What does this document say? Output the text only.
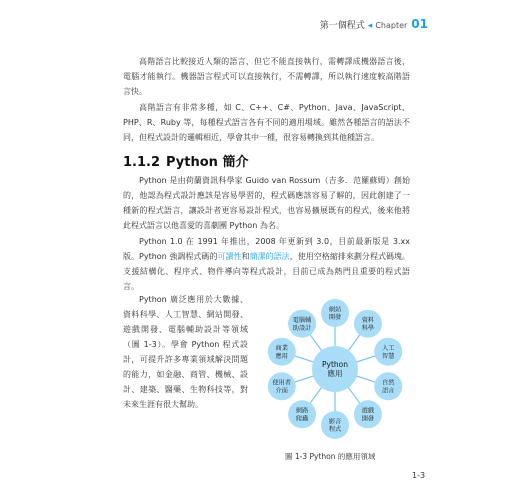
第一個程式 ◂ Chapter 01

高階語言比較接近人類的語言，但它不能直接執行，需轉譯成機器語言後，電腦才能執行。機器語言程式可以直接執行，不需轉譯，所以執行速度較高階語言快。

高階語言有非常多種，如 C、C++、C#、Python、Java、JavaScript、PHP、R、Ruby 等，每種程式語言各有不同的適用場域。雖然各種語言的語法不同，但程式設計的邏輯相近，學會其中一種，很容易轉換到其他種語言。

1.1.2 Python 簡介

Python 是由荷蘭資訊科學家 Guido van Rossum（吉多．范羅蘇姆）創始的，他認為程式設計應該是容易學習的，程式碼應該容易了解的，因此創建了一種新的程式語言，讓設計者更容易設計程式，也容易擴展既有的程式，後來他將此程式語言以他喜愛的喜劇團 Python 為名。

Python 1.0 在 1991 年推出，2008 年更新到 3.0，目前最新版是 3.xx 版。Python 強調程式碼的可讀性和簡潔的語法，使用空格縮排來劃分程式碼塊。支援結構化、程序式、物件導向等程式設計，目前已成為熱門且重要的程式語言。

Python 廣泛應用於大數據、資料科學、人工智慧、網站開發、遊戲開發、電腦輔助設計等領域（圖 1-3）。學會 Python 程式設計，可提升許多專業領域解決問題的能力，如金融、商管、機械、設計、建築、醫藥、生物科技等，對未來生涯有很大幫助。

網站
開發	資料
科學
人工
智慧
自然
語言
遊戲
開發
影音
程式
網路
爬蟲
使用者
介面
商業
應用
電腦輔
助設計
Python
應用
圖 1-3 Python 的應用領域
1-3
